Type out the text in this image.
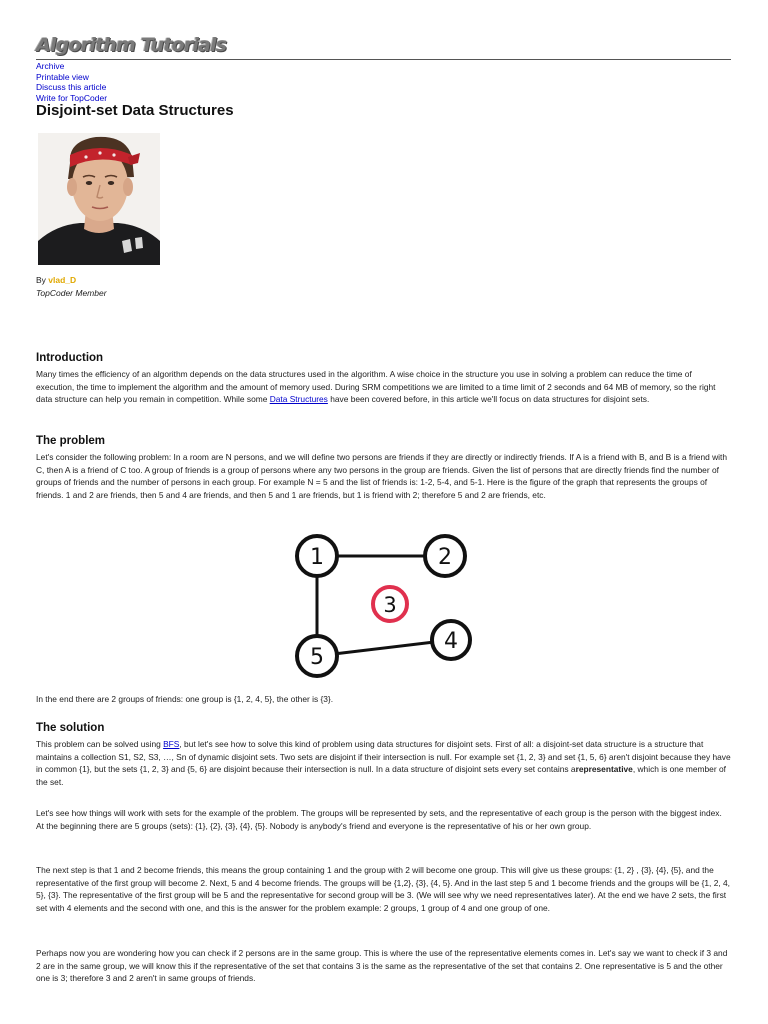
Algorithm Tutorials
Archive
Printable view
Discuss this article
Write for TopCoder
Disjoint-set Data Structures
By vlad_D
TopCoder Member
Introduction

Many times the efficiency of an algorithm depends on the data structures used in the algorithm. A wise choice in the structure you use in solving a problem can reduce the time of execution, the time to implement the algorithm and the amount of memory used. During SRM competitions we are limited to a time limit of 2 seconds and 64 MB of memory, so the right data structure can help you remain in competition. While some Data Structures have been covered before, in this article we'll focus on data structures for disjoint sets.

The problem

Let's consider the following problem: In a room are N persons, and we will define two persons are friends if they are directly or indirectly friends. If A is a friend with B, and B is a friend with C, then A is a friend of C too. A group of friends is a group of persons where any two persons in the group are friends. Given the list of persons that are directly friends find the number of groups of friends and the number of persons in each group. For example N = 5 and the list of friends is: 1-2, 5-4, and 5-1. Here is the figure of the graph that represents the groups of friends. 1 and 2 are friends, then 5 and 4 are friends, and then 5 and 1 are friends, but 1 is friend with 2; therefore 5 and 2 are friends, etc.

1	2
3
4
5

In the end there are 2 groups of friends: one group is {1, 2, 4, 5}, the other is {3}.

The solution

This problem can be solved using BFS, but let's see how to solve this kind of problem using data structures for disjoint sets. First of all: a disjoint-set data structure is a structure that maintains a collection S1, S2, S3, …, Sn of dynamic disjoint sets. Two sets are disjoint if their intersection is null. For example set {1, 2, 3} and set {1, 5, 6} aren't disjoint because they have in common {1}, but the sets {1, 2, 3} and {5, 6} are disjoint because their intersection is null. In a data structure of disjoint sets every set contains arepresentative, which is one member of the set.

Let's see how things will work with sets for the example of the problem. The groups will be represented by sets, and the representative of each group is the person with the biggest index. At the beginning there are 5 groups (sets): {1}, {2}, {3}, {4}, {5}. Nobody is anybody's friend and everyone is the representative of his or her own group.

The next step is that 1 and 2 become friends, this means the group containing 1 and the group with 2 will become one group. This will give us these groups: {1, 2} , {3}, {4}, {5}, and the representative of the first group will become 2. Next, 5 and 4 become friends. The groups will be {1,2}, {3}, {4, 5}. And in the last step 5 and 1 become friends and the groups will be {1, 2, 4, 5}, {3}. The representative of the first group will be 5 and the representative for second group will be 3. (We will see why we need representatives later). At the end we have 2 sets, the first set with 4 elements and the second with one, and this is the answer for the problem example: 2 groups, 1 group of 4 and one group of one.

Perhaps now you are wondering how you can check if 2 persons are in the same group. This is where the use of the representative elements comes in. Let's say we want to check if 3 and 2 are in the same group, we will know this if the representative of the set that contains 3 is the same as the representative of the set that contains 2. One representative is 5 and the other one is 3; therefore 3 and 2 aren't in same groups of friends.
